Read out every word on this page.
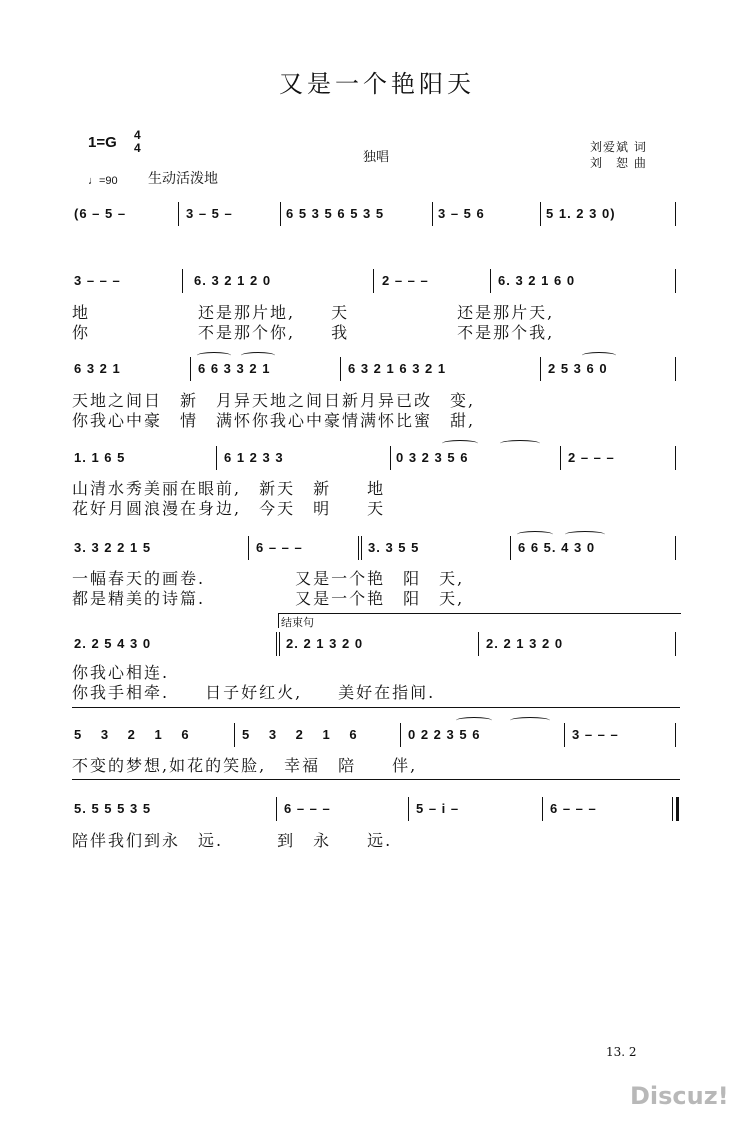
又是一个艳阳天
1=G 4
4
独唱
刘爱斌 词
刘　恕 曲
♩=90 生动活泼地
(6 – 5 –	3 – 5 –	6 5 3 5 6 5 3 5	3 – 5 6	5 1. 2 3 0)
3 – – –	6. 3 2 1 2 0	2 – – –	6. 3 2 1 6 0
地　　　　　　还是那片地,　　天　　　　　　还是那片天,
你　　　　　　不是那个你,　　我　　　　　　不是那个我,
6 3 2 1	6 6 3 3 2 1	6 3 2 1 6 3 2 1	2 5 3 6 0
天地之间日　新　月异天地之间日新月异已改　变,
你我心中豪　情　满怀你我心中豪情满怀比蜜　甜,
1. 1 6 5	6 1 2 3 3	0 3 2 3 5 6	2 – – –
山清水秀美丽在眼前,　新天　新　　地
花好月圆浪漫在身边,　今天　明　　天
3. 3 2 2 1 5	6 – – –	3. 3 5 5	6 6 5. 4 3 0
一幅春天的画卷.　　　　　又是一个艳　阳　天,
都是精美的诗篇.　　　　　又是一个艳　阳　天,
结束句
2. 2 5 4 3 0	2. 2 1 3 2 0	2. 2 1 3 2 0
你我心相连.
你我手相牵.　　日子好红火,　　美好在指间.
5 3 2 1 6	5 3 2 1 6	0 2 2 3 5 6	3 – – –
不变的梦想,如花的笑脸,　幸福　陪　　伴,
5. 5 5 5 3 5	6 – – –	5 – i –	6 – – –
陪伴我们到永　远.　　　到　永　　远.
13. 2
Discuz!
